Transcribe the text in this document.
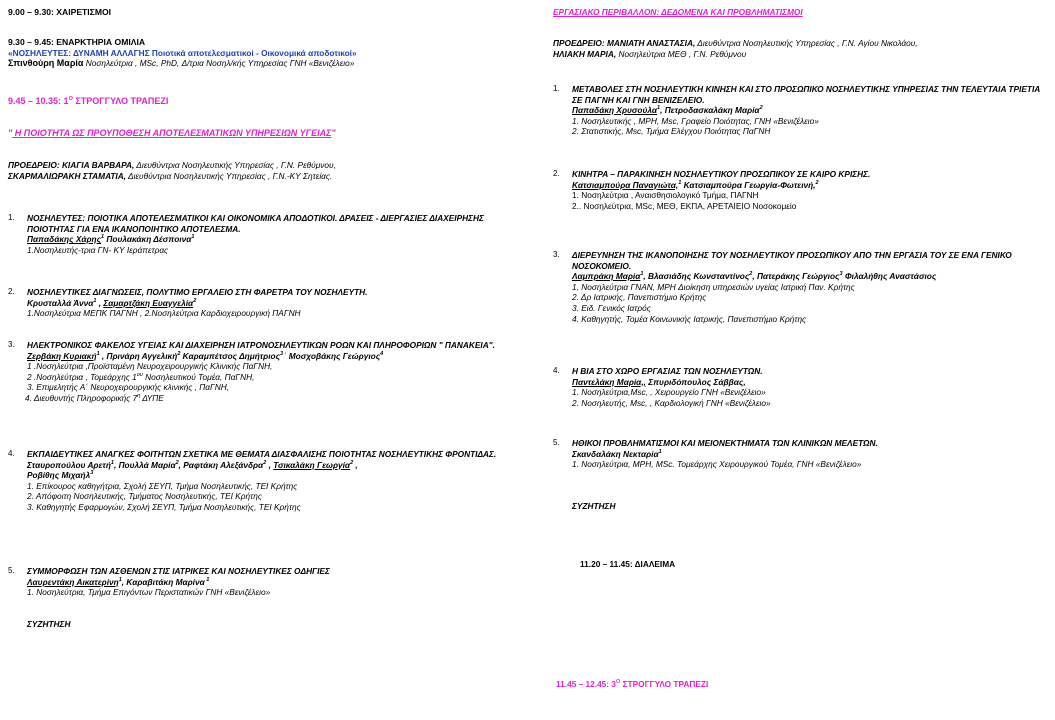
9.00 – 9.30: ΧΑΙΡΕΤΙΣΜΟΙ
9.30 – 9.45: ΕΝΑΡΚΤΗΡΙΑ ΟΜΙΛΙΑ
«ΝΟΣΗΛΕΥΤΕΣ: ΔΥΝΑΜΗ ΑΛΛΑΓΗΣ Ποιοτικά αποτελεσματικοί - Οικονομικά αποδοτικοί»
Σπινθούρη Μαρία Νοσηλεύτρια , MSc, PhD, Δ/τρια Νοσηλ/κής Υπηρεσίας ΓΝΗ «Βενιζέλειο»
9.45 – 10.35: $1^O$ ΣΤΡΟΓΓΥΛΟ ΤΡΑΠΕΖΙ
" Η ΠΟΙΟΤΗΤΑ ΩΣ ΠΡΟΥΠΟΘΕΣΗ ΑΠΟΤΕΛΕΣΜΑΤΙΚΩΝ ΥΠΗΡΕΣΙΩΝ ΥΓΕΙΑΣ"
ΠΡΟΕΔΡΕΙΟ: ΚΙΑΓΙΑ ΒΑΡΒΑΡΑ, Διευθύντρια Νοσηλευτικής Υπηρεσίας , Γ.Ν. Ρεθύμνου,
ΣΚΑΡΜΑΛΙΩΡΑΚΗ ΣΤΑΜΑΤΙΑ, Διευθύντρια Νοσηλευτικής Υπηρεσίας , Γ.Ν.-ΚΥ Σητείας.
1.	ΝΟΣΗΛΕΥΤΕΣ: ΠΟΙΟΤΙΚΑ ΑΠΟΤΕΛΕΣΜΑΤΙΚΟΙ ΚΑΙ ΟΙΚΟΝΟΜΙΚΑ ΑΠΟΔΟΤΙΚΟΙ. ΔΡΑΣΕΙΣ - ΔΙΕΡΓΑΣΙΕΣ ΔΙΑΧΕΙΡΗΣΗΣ ΠΟΙΟΤΗΤΑΣ ΓΙΑ ΕΝΑ ΙΚΑΝΟΠΟΙΗΤΙΚΟ ΑΠΟΤΕΛΕΣΜΑ.
Παπαδάκης Χάρης$^1$ Πουλακάκη Δέσποινα$^1$
1.Νοσηλευτής-τρια ΓΝ- ΚΥ Ιεράπετρας
2.	ΝΟΣΗΛΕΥΤΙΚΕΣ ΔΙΑΓΝΩΣΕΙΣ, ΠΟΛΥΤΙΜΟ ΕΡΓΑΛΕΙΟ ΣΤΗ ΦΑΡΕΤΡΑ ΤΟΥ ΝΟΣΗΛΕΥΤΗ.
Κρυσταλλά Άννα$^1$ , Σαμαρτζάκη Ευαγγελία$^2$
1.Νοσηλεύτρια ΜΕΠΚ ΠΑΓΝΗ , 2.Νοσηλεύτρια Καρδιοχειρουργική ΠΑΓΝΗ
3.	ΗΛΕΚΤΡΟΝΙΚΟΣ ΦΑΚΕΛΟΣ ΥΓΕΙΑΣ ΚΑΙ ΔΙΑΧΕΙΡΗΣΗ ΙΑΤΡΟΝΟΣΗΛΕΥΤΙΚΩΝ ΡΟΩΝ ΚΑΙ ΠΛΗΡΟΦΟΡΙΩΝ " ΠΑΝΑΚΕΙΑ".
Ζερβάκη Κυριακή$^1$ , Πρινάρη Αγγελική$^2$ Καραμπέτσος Δημήτριος$^{3 \cdot}$ Μοσχοβάκης Γεώργιος$^4$
1 .Νοσηλεύτρια ,Προϊσταμένη Νευροχειρουργικής Κλινικής ΠαΓΝΗ,
2 .Νοσηλεύτρια , Τομεάρχης $1^{o\upsilon}$ Νοσηλευτικού Τομέα, ΠαΓΝΗ,
3. Επιμελητής Α΄ Νευροχειρουργικής κλινικής , ΠαΓΝΗ,
4. Διευθυντής Πληροφορικής $7^\eta$ ΔΥΠΕ
4.	ΕΚΠΑΙΔΕΥΤΙΚΕΣ ΑΝΑΓΚΕΣ ΦΟΙΤΗΤΩΝ ΣΧΕΤΙΚΑ ΜΕ ΘΕΜΑΤΑ ΔΙΑΣΦΑΛΙΣΗΣ ΠΟΙΟΤΗΤΑΣ ΝΟΣΗΛΕΥΤΙΚΗΣ ΦΡΟΝΤΙΔΑΣ.
Σταυροπούλου Αρετή$^1$, Πουλλά Μαρία$^2$, Ραφτάκη Αλεξάνδρα$^2$ , Τσικαλάκη Γεωργία$^2$ ,
Ροβίθης Μιχαήλ$^3$
1. Επίκουρος καθηγήτρια, Σχολή ΣΕΥΠ, Τμήμα Νοσηλευτικής, ΤΕΙ Κρήτης
2. Απόφοιτη Νοσηλευτικής, Τμήματος Νοσηλευτικής, ΤΕΙ Κρήτης
3. Καθηγητής Εφαρμογών, Σχολή ΣΕΥΠ, Τμήμα Νοσηλευτικής, ΤΕΙ Κρήτης
5.	ΣΥΜΜΟΡΦΩΣΗ ΤΩΝ ΑΣΘΕΝΩΝ ΣΤΙΣ ΙΑΤΡΙΚΕΣ ΚΑΙ ΝΟΣΗΛΕΥΤΙΚΕΣ ΟΔΗΓΙΕΣ
Λαυρεντάκη Αικατερίνη$^1$, Καραβιτάκη Μαρίνα $^1$
1. Νοσηλεύτρια, Τμήμα Επιγόντων Περιστατικών ΓΝΗ «Βενιζέλειο»
ΣΥΖΗΤΗΣΗ
ΕΡΓΑΣΙΑΚΟ ΠΕΡΙΒΑΛΛΟΝ: ΔΕΔΟΜΕΝΑ ΚΑΙ ΠΡΟΒΛΗΜΑΤΙΣΜΟΙ
ΠΡΟΕΔΡΕΙΟ: ΜΑΝΙΑΤΗ ΑΝΑΣΤΑΣΙΑ, Διευθύντρια Νοσηλευτικής Υπηρεσίας , Γ.Ν. Αγίου Νικολάου,
ΗΛΙΑΚΗ ΜΑΡΙΑ, Νοσηλεύτρια ΜΕΘ , Γ.Ν. Ρεθύμνου
1.	ΜΕΤΑΒΟΛΕΣ ΣΤΗ ΝΟΣΗΛΕΥΤΙΚΗ ΚΙΝΗΣΗ ΚΑΙ ΣΤΟ ΠΡΟΣΩΠΙΚΟ ΝΟΣΗΛΕΥΤΙΚΗΣ ΥΠΗΡΕΣΙΑΣ ΤΗΝ ΤΕΛΕΥΤΑΙΑ ΤΡΙΕΤΙΑ ΣΕ ΠΑΓΝΗ ΚΑΙ ΓΝΗ ΒΕΝΙΖΕΛΕΙΟ.
Παπαδάκη Χρυσούλα$^1$, Πετροδασκαλάκη Μαρία$^2$
1. Νοσηλευτικής , MPH, Msc, Γραφείο Ποιότητας, ΓΝΗ «Βενιζέλειο»
2. Στατιστικής, Msc, Τμήμα Ελέγχου Ποιότητας ΠαΓΝΗ
2.	ΚΙΝΗΤΡΑ – ΠΑΡΑΚΙΝΗΣΗ ΝΟΣΗΛΕΥΤΙΚΟΥ ΠΡΟΣΩΠΙΚΟΥ ΣΕ ΚΑΙΡΟ ΚΡΙΣΗΣ.
Κατσιαμπούρα Παναγιώτα,$^1$ Κατσιαμπούρα Γεωργία-Φωτεινή,$^2$
1. Νοσηλεύτρια , Αναισθησιολογικό Τμήμα, ΠΑΓΝΗ
2.. Νοσηλεύτρια, MSc, ΜΕΘ, ΕΚΠΑ, ΑΡΕΤΑΙΕΙΟ Νοσοκομείο
3.	ΔΙΕΡΕΥΝΗΣΗ ΤΗΣ ΙΚΑΝΟΠΟΙΗΣΗΣ ΤΟΥ ΝΟΣΗΛΕΥΤΙΚΟΥ ΠΡΟΣΩΠΙΚΟΥ ΑΠΟ ΤΗΝ ΕΡΓΑΣΙΑ ΤΟΥ ΣΕ ΕΝΑ ΓΕΝΙΚΟ ΝΟΣΟΚΟΜΕΙΟ.
Λαμπράκη Μαρία$^1$, Βλασιάδης Κωνσταντίνος$^2$, Πατεράκης Γεώργιος$^3$ Φιλαλήθης Αναστάσιος
1. Νοσηλεύτρια ΓΝΑΝ, MPH Διοίκηση υπηρεσιών υγείας Ιατρική Παν. Κρήτης
2. Δρ Ιατρικής, Πανεπιστήμιο Κρήτης
3. Ειδ. Γενικός Ιατρός
4. Καθηγητής, Τομέα Κοινωνικής Ιατρικής, Πανεπιστήμιο Κρήτης
4.	Η ΒΙΑ ΣΤΟ ΧΩΡΟ ΕΡΓΑΣΙΑΣ ΤΩΝ ΝΟΣΗΛΕΥΤΩΝ.
Παντελάκη Μαρία,, Σπυριδόπουλος Σάββας,
1. Νοσηλεύτρια,Msc, , Χειρουργείο ΓΝΗ «Βενιζέλειο»
2. Νοσηλευτής, Msc, , Καρδιολογική ΓΝΗ «Βενιζέλειο»
5.	ΗΘΙΚΟΙ ΠΡΟΒΛΗΜΑΤΙΣΜΟΙ ΚΑΙ ΜΕΙΟΝΕΚΤΗΜΑΤΑ ΤΩΝ ΚΛΙΝΙΚΩΝ ΜΕΛΕΤΩΝ.
Σκανδαλάκη Νεκταρία$^1$
1. Νοσηλεύτρια, MPH, MSc. Τομεάρχης Χειρουργικού Τομέα, ΓΝΗ «Βενιζέλειο»
ΣΥΖΗΤΗΣΗ
11.20 – 11.45: ΔΙΑΛΕΙΜΑ
11.45 – 12.45: $3^O$ ΣΤΡΟΓΓΥΛΟ ΤΡΑΠΕΖΙ
